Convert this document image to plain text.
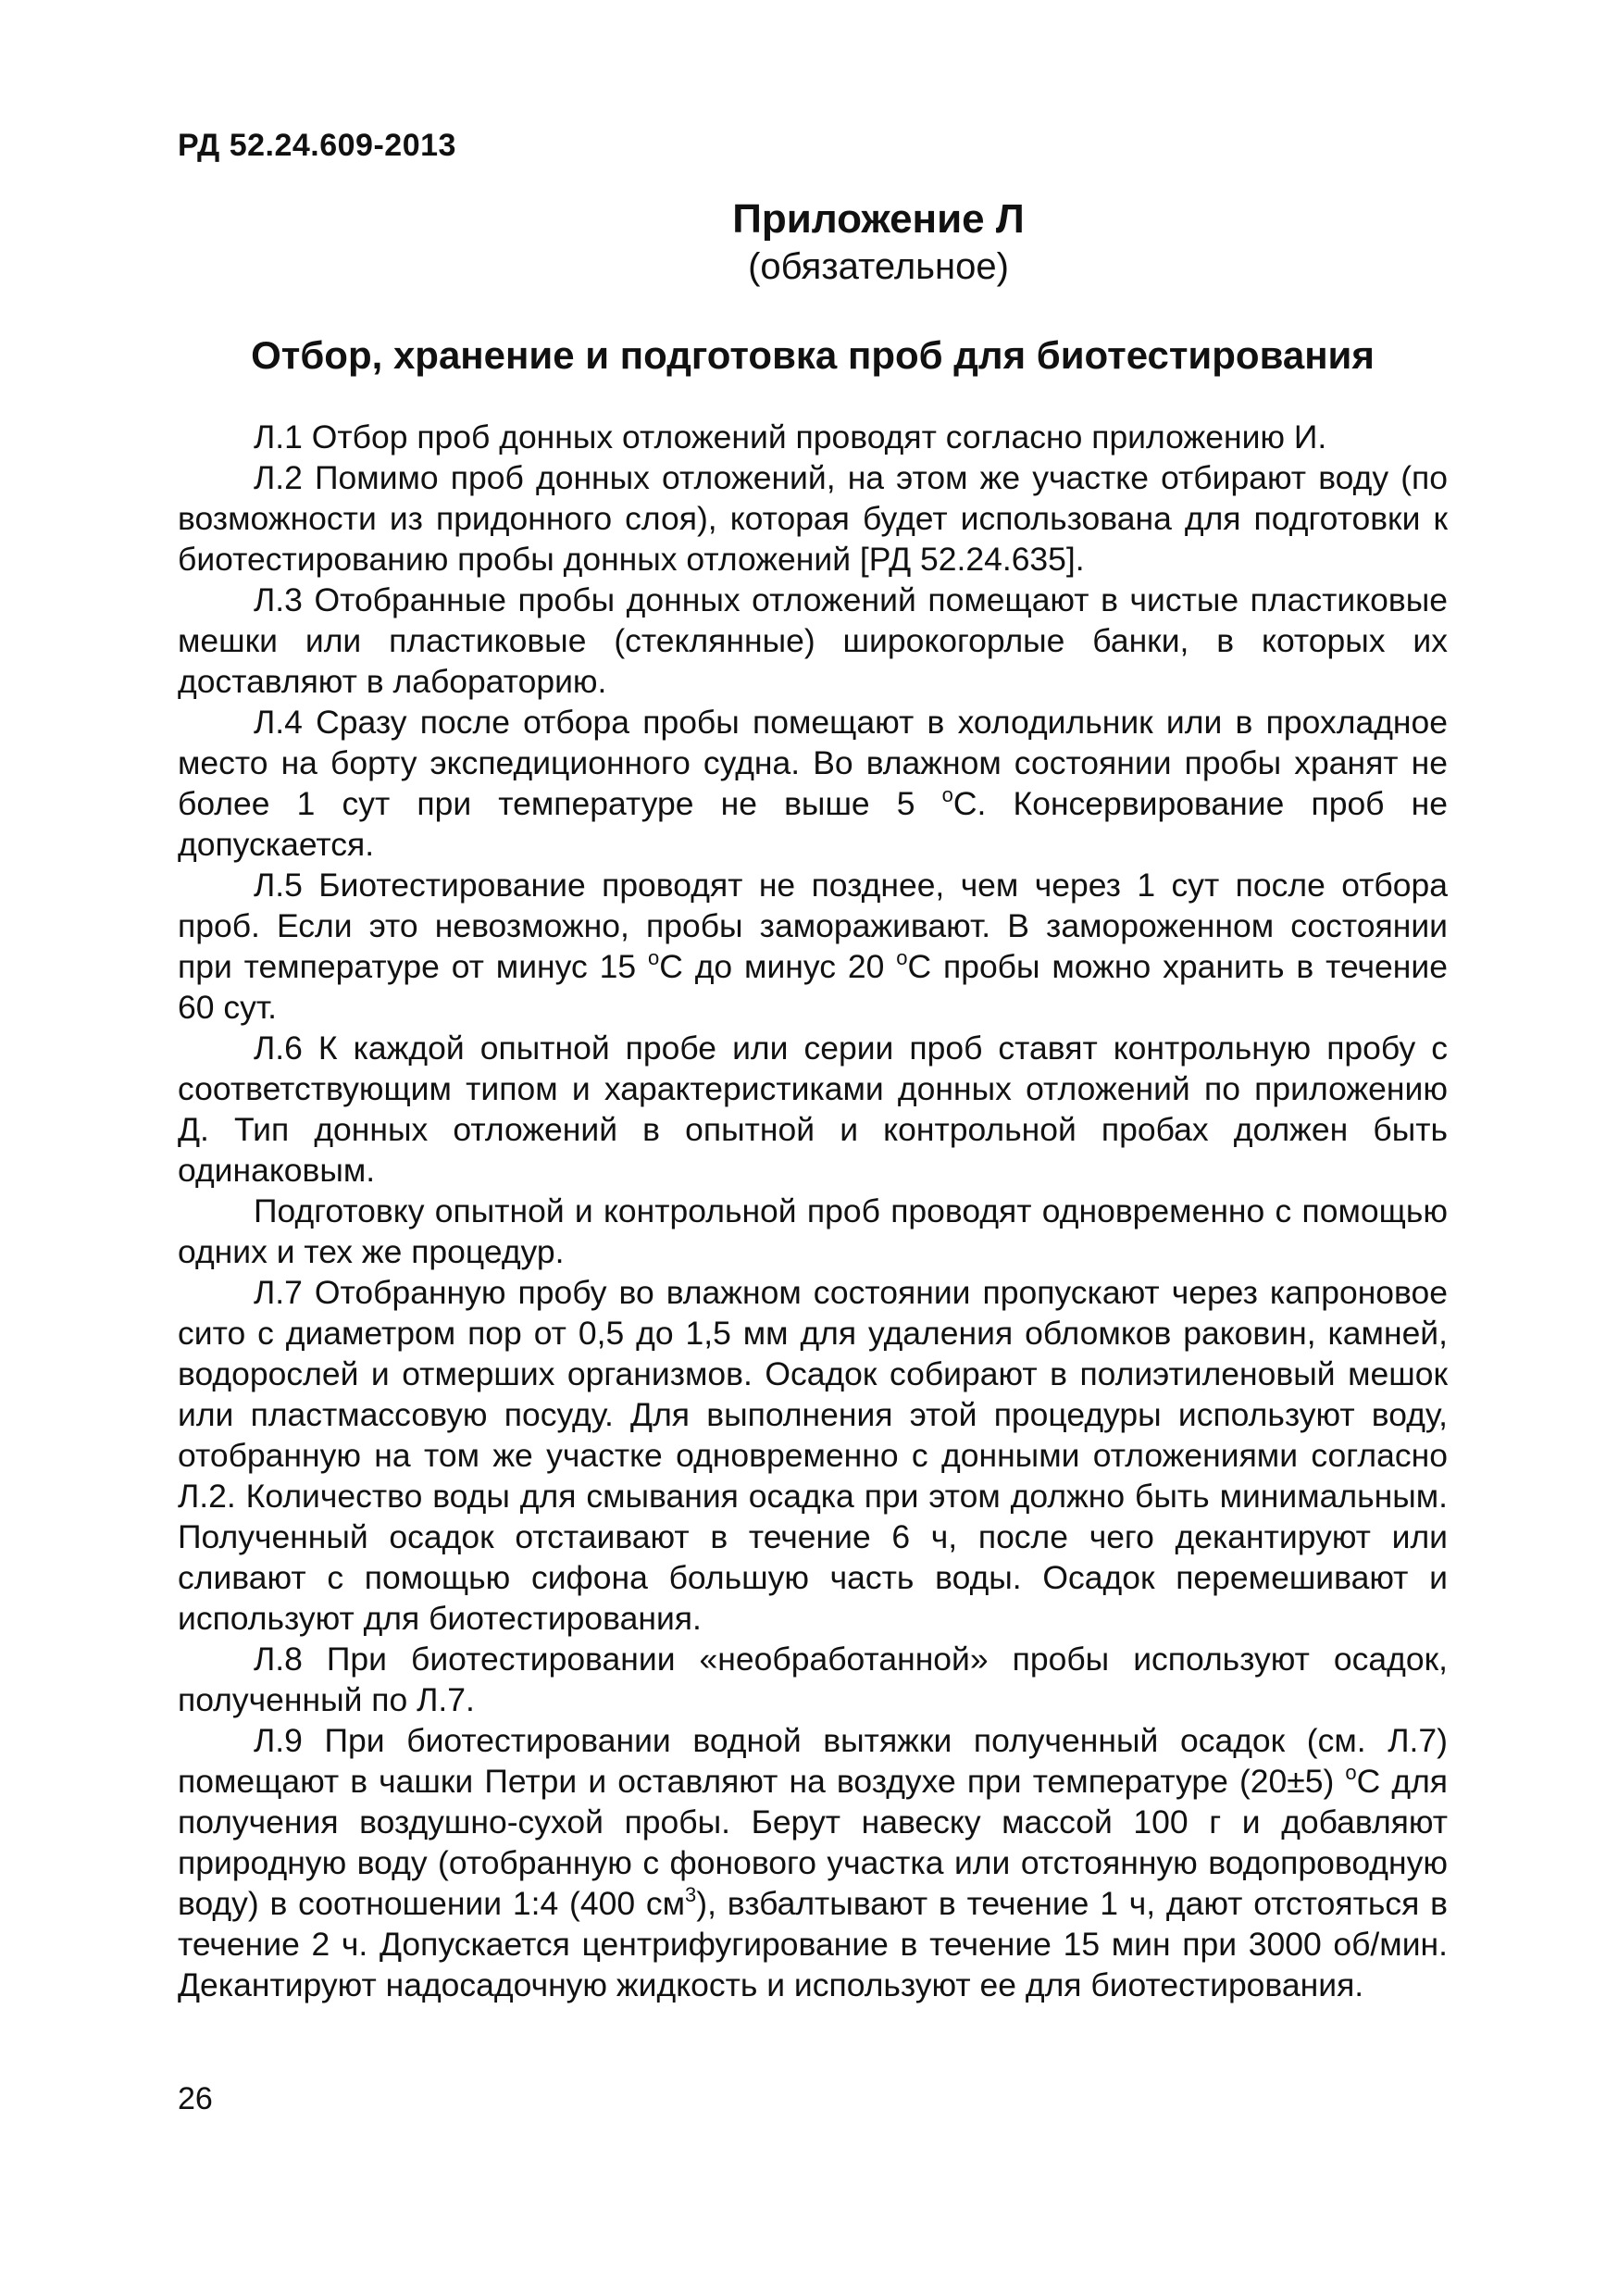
РД 52.24.609-2013
Приложение Л
(обязательное)
Отбор, хранение и подготовка проб для биотестирования

Л.1 Отбор проб донных отложений проводят согласно приложению И.

Л.2 Помимо проб донных отложений, на этом же участке отбирают воду (по возможности из придонного слоя), которая будет использована для подготовки к биотестированию пробы донных отложений [РД 52.24.635].

Л.3 Отобранные пробы донных отложений помещают в чистые пластиковые мешки или пластиковые (стеклянные) широкогорлые банки, в которых их доставляют в лабораторию.

Л.4 Сразу после отбора пробы помещают в холодильник или в прохладное место на борту экспедиционного судна. Во влажном состоянии пробы хранят не более 1 сут при температуре не выше 5 $^о$С. Консервирование проб не допускается.

Л.5 Биотестирование проводят не позднее, чем через 1 сут после отбора проб. Если это невозможно, пробы замораживают. В замороженном состоянии при температуре от минус 15 $^о$С до минус 20 $^о$С пробы можно хранить в течение 60 сут.

Л.6 К каждой опытной пробе или серии проб ставят контрольную пробу с соответствующим типом и характеристиками донных отложений по приложению Д. Тип донных отложений в опытной и контрольной пробах должен быть одинаковым.

Подготовку опытной и контрольной проб проводят одновременно с помощью одних и тех же процедур.

Л.7 Отобранную пробу во влажном состоянии пропускают через капроновое сито с диаметром пор от 0,5 до 1,5 мм для удаления обломков раковин, камней, водорослей и отмерших организмов. Осадок собирают в полиэтиленовый мешок или пластмассовую посуду. Для выполнения этой процедуры используют воду, отобранную на том же участке одновременно с донными отложениями согласно Л.2. Количество воды для смывания осадка при этом должно быть минимальным. Полученный осадок отстаивают в течение 6 ч, после чего декантируют или сливают с помощью сифона большую часть воды. Осадок перемешивают и используют для биотестирования.

Л.8 При биотестировании «необработанной» пробы используют осадок, полученный по Л.7.

Л.9 При биотестировании водной вытяжки полученный осадок (см. Л.7) помещают в чашки Петри и оставляют на воздухе при температуре (20±5) $^о$С для получения воздушно-сухой пробы. Берут навеску массой 100 г и добавляют природную воду (отобранную с фонового участка или отстоянную водопроводную воду) в соотношении 1:4 (400 $см^3$), взбалтывают в течение 1 ч, дают отстояться в течение 2 ч. Допускается центрифугирование в течение 15 мин при 3000 об/мин. Декантируют надосадочную жидкость и используют ее для биотестирования.

26
